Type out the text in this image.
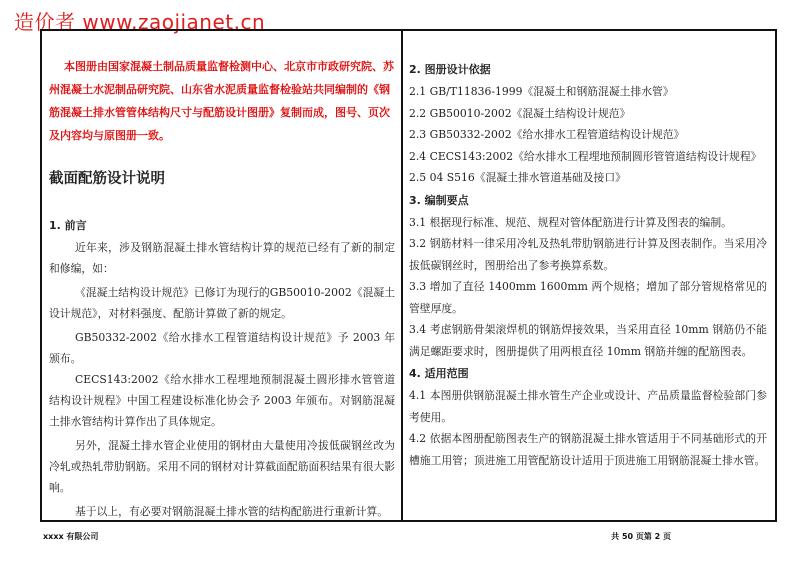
造价者 www.zaojianet.cn

本图册由国家混凝土制品质量监督检测中心、北京市市政研究院、苏州混凝土水泥制品研究院、山东省水泥质量监督检验站共同编制的《钢筋混凝土排水管管体结构尺寸与配筋设计图册》复制而成，图号、页次及内容均与原图册一致。

截面配筋设计说明
1. 前言

近年来，涉及钢筋混凝土排水管结构计算的规范已经有了新的制定和修编，如：

《混凝土结构设计规范》已修订为现行的GB50010-2002《混凝土设计规范》，对材料强度、配筋计算做了新的规定。

GB50332-2002《给水排水工程管道结构设计规范》予 2003 年颁布。

CECS143:2002《给水排水工程埋地预制混凝土圆形排水管管道结构设计规程》中国工程建设标准化协会予 2003 年颁布。对钢筋混凝土排水管结构计算作出了具体规定。

另外，混凝土排水管企业使用的钢材由大量使用冷拔低碳钢丝改为冷轧或热轧带肋钢筋。采用不同的钢材对计算截面配筋面积结果有很大影响。

基于以上，有必要对钢筋混凝土排水管的结构配筋进行重新计算。

2. 图册设计依据

2.1 GB/T11836-1999《混凝土和钢筋混凝土排水管》

2.2 GB50010-2002《混凝土结构设计规范》

2.3 GB50332-2002《给水排水工程管道结构设计规范》

2.4 CECS143:2002《给水排水工程埋地预制圆形管管道结构设计规程》

2.5 04 S516《混凝土排水管道基础及接口》

3. 编制要点

3.1 根据现行标准、规范、规程对管体配筋进行计算及图表的编制。

3.2 钢筋材料一律采用冷轧及热轧带肋钢筋进行计算及图表制作。当采用冷拔低碳钢丝时，图册给出了参考换算系数。

3.3 增加了直径 1400mm 1600mm 两个规格；增加了部分管规格常见的管壁厚度。

3.4 考虑钢筋骨架滚焊机的钢筋焊接效果，当采用直径 10mm 钢筋仍不能满足螺距要求时，图册提供了用两根直径 10mm 钢筋并缠的配筋图表。

4. 适用范围

4.1 本图册供钢筋混凝土排水管生产企业或设计、产品质量监督检验部门参考使用。

4.2 依据本图册配筋图表生产的钢筋混凝土排水管适用于不同基础形式的开槽施工用管；顶进施工用管配筋设计适用于顶进施工用钢筋混凝土排水管。

xxxx 有限公司	共 50 页第 2 页
